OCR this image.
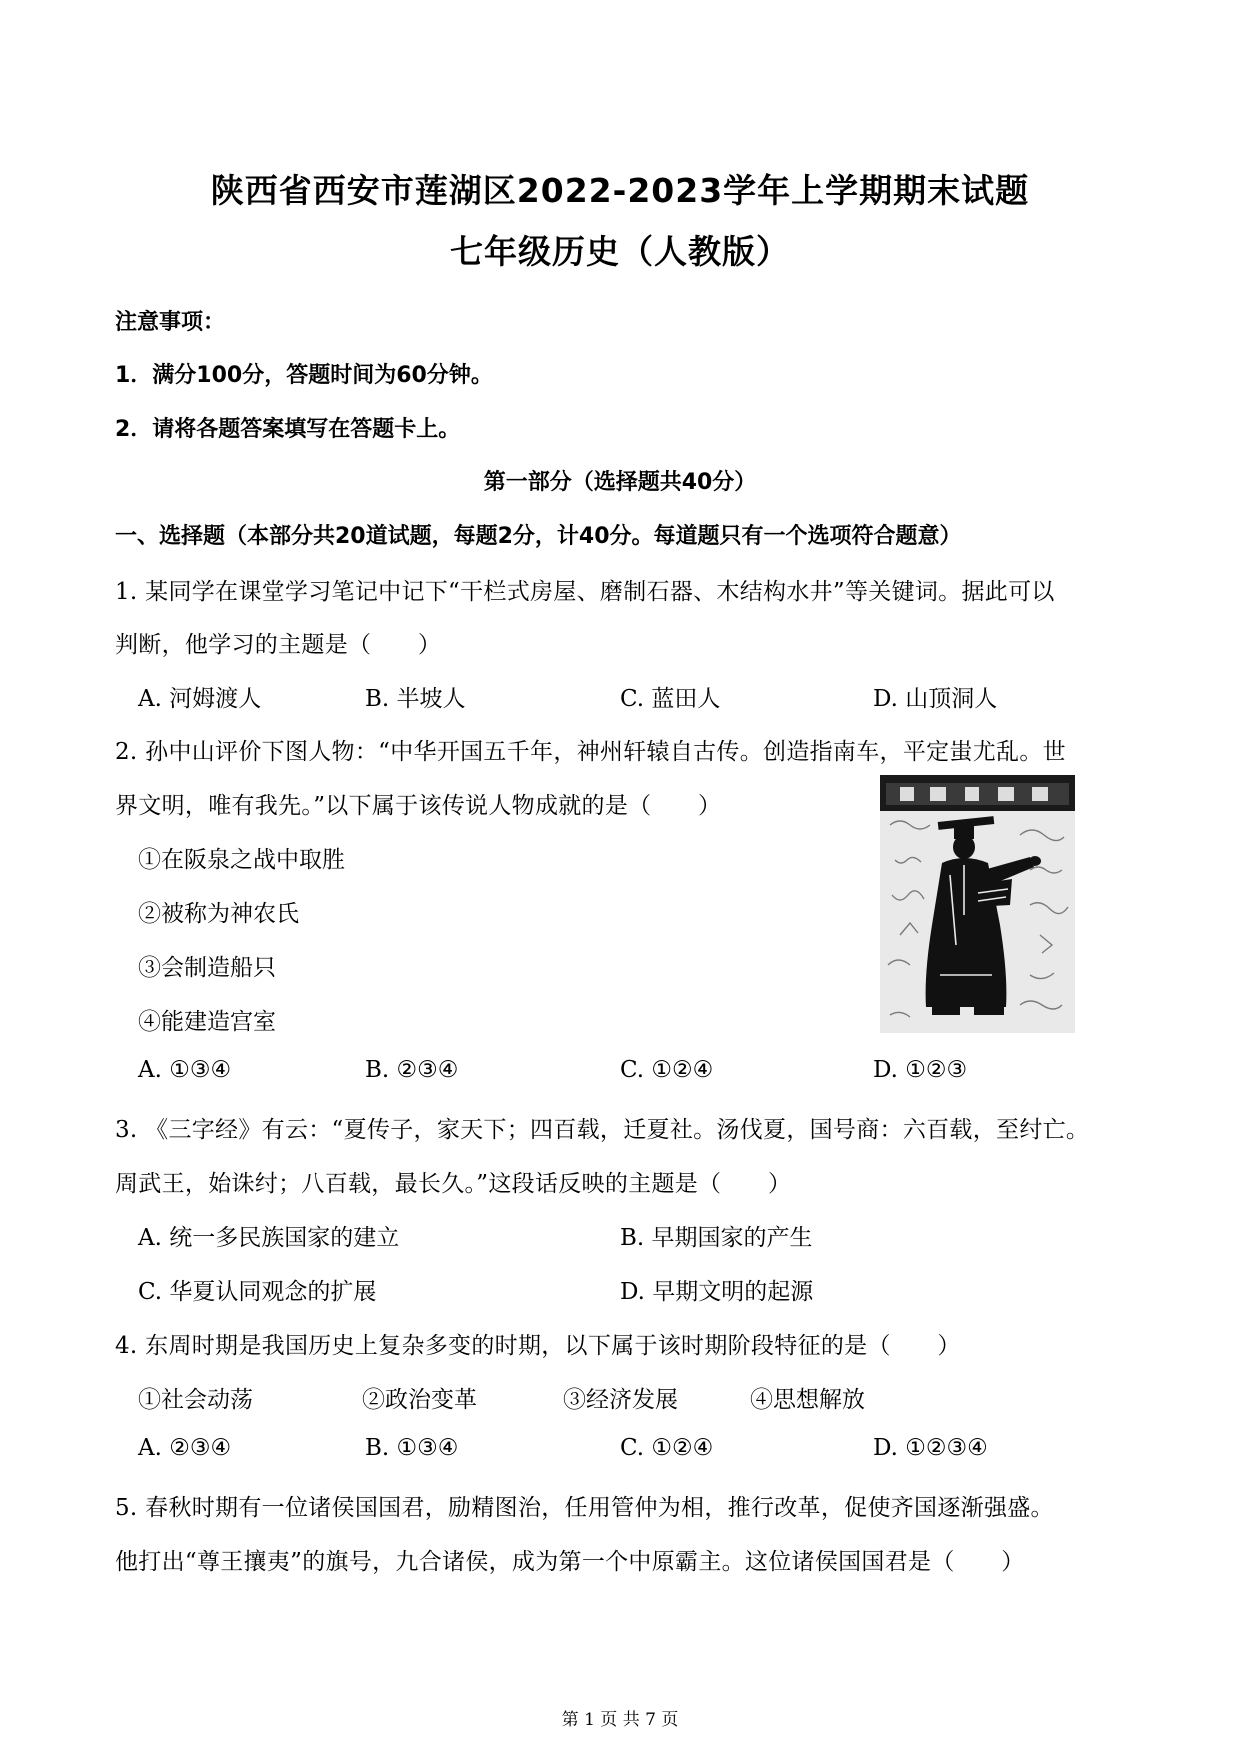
陕西省西安市莲湖区2022-2023学年上学期期末试题
七年级历史（人教版）
注意事项：
1．满分100分，答题时间为60分钟。
2．请将各题答案填写在答题卡上。
第一部分（选择题共40分）
一、选择题（本部分共20道试题，每题2分，计40分。每道题只有一个选项符合题意）
1. 某同学在课堂学习笔记中记下“干栏式房屋、磨制石器、木结构水井”等关键词。据此可以
判断，他学习的主题是（　　）
A. 河姆渡人	B. 半坡人	C. 蓝田人	D. 山顶洞人
2. 孙中山评价下图人物：“中华开国五千年，神州轩辕自古传。创造指南车，平定蚩尤乱。世
界文明，唯有我先。”以下属于该传说人物成就的是（　　）
①在阪泉之战中取胜
②被称为神农氏
③会制造船只
④能建造宫室
A. ①③④	B. ②③④	C. ①②④	D. ①②③
3. 《三字经》有云：“夏传子，家天下；四百载，迁夏社。汤伐夏，国号商：六百载，至纣亡。
周武王，始诛纣；八百载，最长久。”这段话反映的主题是（　　）
A. 统一多民族国家的建立	B. 早期国家的产生
C. 华夏认同观念的扩展	D. 早期文明的起源
4. 东周时期是我国历史上复杂多变的时期，以下属于该时期阶段特征的是（　　）
①社会动荡	②政治变革	③经济发展	④思想解放
A. ②③④	B. ①③④	C. ①②④	D. ①②③④
5. 春秋时期有一位诸侯国国君，励精图治，任用管仲为相，推行改革，促使齐国逐渐强盛。
他打出“尊王攘夷”的旗号，九合诸侯，成为第一个中原霸主。这位诸侯国国君是（　　）
第 1 页 共 7 页
